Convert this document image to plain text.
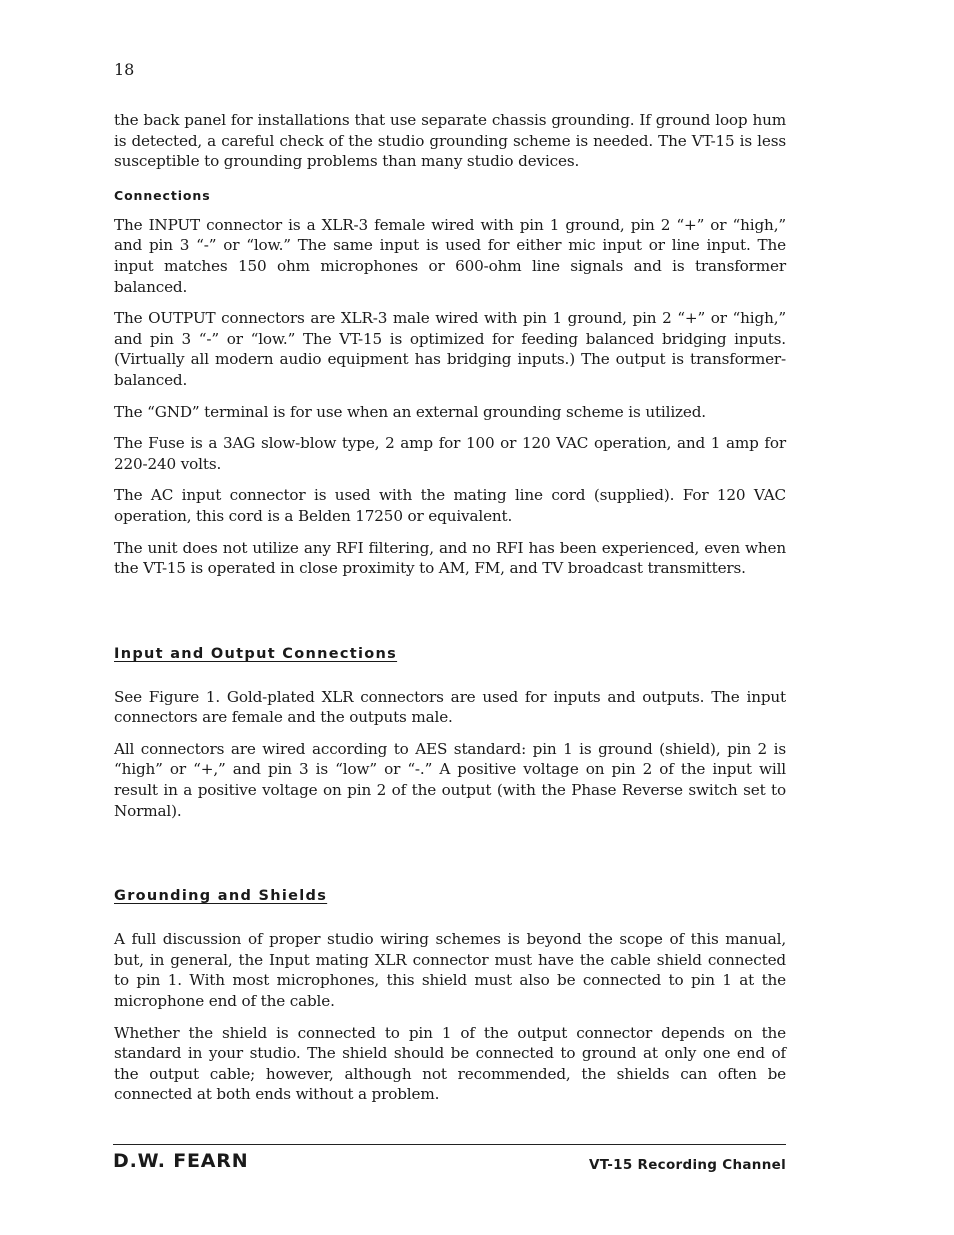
18

the back panel for installations that use separate chassis grounding. If ground loop hum is detected, a careful check of the studio grounding scheme is needed. The VT-15 is less susceptible to grounding problems than many studio devices.

Connections

The INPUT connector is a XLR-3 female wired with pin 1 ground, pin 2 “+” or “high,” and pin 3 “-” or “low.” The same input is used for either mic input or line input. The input matches 150 ohm microphones or 600-ohm line signals and is transformer balanced.

The OUTPUT connectors are XLR-3 male wired with pin 1 ground, pin 2 “+” or “high,” and pin 3 “-” or “low.” The VT-15 is optimized for feeding balanced bridging inputs. (Virtually all modern audio equipment has bridging inputs.) The output is transformer-balanced.

The “GND” terminal is for use when an external grounding scheme is utilized.

The Fuse is a 3AG slow-blow type, 2 amp for 100 or 120 VAC operation, and 1 amp for 220-240 volts.

The AC input connector is used with the mating line cord (supplied). For 120 VAC operation, this cord is a Belden 17250 or equivalent.

The unit does not utilize any RFI filtering, and no RFI has been experienced, even when the VT-15 is operated in close proximity to AM, FM, and TV broadcast transmitters.

Input and Output Connections

See Figure 1. Gold-plated XLR connectors are used for inputs and outputs. The input connectors are female and the outputs male.

All connectors are wired according to AES standard: pin 1 is ground (shield), pin 2 is “high” or “+,” and pin 3 is “low” or “-.” A positive voltage on pin 2 of the input will result in a positive voltage on pin 2 of the output (with the Phase Reverse switch set to Normal).

Grounding and Shields

A full discussion of proper studio wiring schemes is beyond the scope of this manual, but, in general, the Input mating XLR connector must have the cable shield connected to pin 1. With most microphones, this shield must also be connected to pin 1 at the microphone end of the cable.

Whether the shield is connected to pin 1 of the output connector depends on the standard in your studio. The shield should be connected to ground at only one end of the output cable; however, although not recommended, the shields can often be connected at both ends without a problem.

D.W. FEARN	VT-15 Recording Channel
